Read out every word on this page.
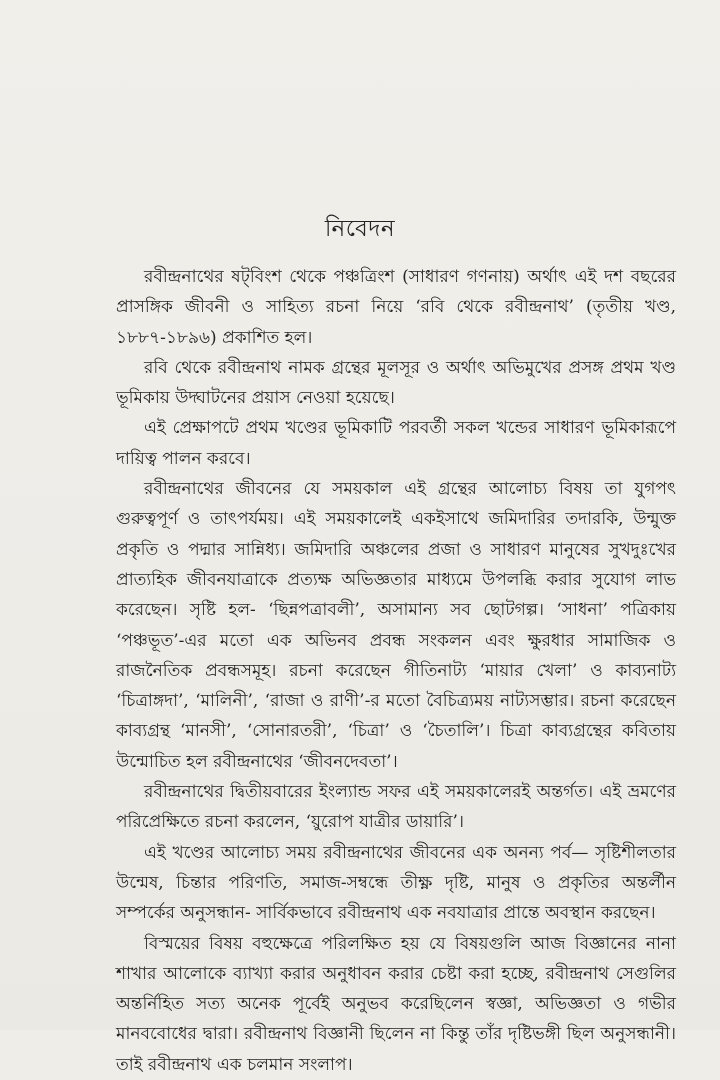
নিবেদন

রবীন্দ্রনাথের ষট্‌বিংশ থেকে পঞ্চত্রিংশ (সাধারণ গণনায়) অর্থাৎ এই দশ বছরের প্রাসঙ্গিক জীবনী ও সাহিত্য রচনা নিয়ে ‘রবি থেকে রবীন্দ্রনাথ’ (তৃতীয় খণ্ড, ১৮৮৭-১৮৯৬) প্রকাশিত হল।

রবি থেকে রবীন্দ্রনাথ নামক গ্রন্থের মূলসূর ও অর্থাৎ অভিমুখের প্রসঙ্গ প্রথম খণ্ড ভূমিকায় উদ্ঘাটনের প্রয়াস নেওয়া হয়েছে।

এই প্রেক্ষাপটে প্রথম খণ্ডের ভূমিকাটি পরবর্তী সকল খন্ডের সাধারণ ভূমিকারূপে দায়িত্ব পালন করবে।

রবীন্দ্রনাথের জীবনের যে সময়কাল এই গ্রন্থের আলোচ্য বিষয় তা যুগপৎ গুরুত্বপূর্ণ ও তাৎপর্যময়। এই সময়কালেই একইসাথে জমিদারির তদারকি, উন্মুক্ত প্রকৃতি ও পদ্মার সান্নিধ্য। জমিদারি অঞ্চলের প্রজা ও সাধারণ মানুষের সুখদুঃখের প্রাত্যহিক জীবনযাত্রাকে প্রত্যক্ষ অভিজ্ঞতার মাধ্যমে উপলব্ধি করার সুযোগ লাভ করেছেন। সৃষ্টি হল- ‘ছিন্নপত্রাবলী’, অসামান্য সব ছোটগল্প। ‘সাধনা’ পত্রিকায় ‘পঞ্চভূত’-এর মতো এক অভিনব প্রবন্ধ সংকলন এবং ক্ষুরধার সামাজিক ও রাজনৈতিক প্রবন্ধসমূহ। রচনা করেছেন গীতিনাট্য ‘মায়ার খেলা’ ও কাব্যনাট্য ‘চিত্রাঙ্গদা’, ‘মালিনী’, ‘রাজা ও রাণী’-র মতো বৈচিত্র্যময় নাট্যসম্ভার। রচনা করেছেন কাব্যগ্রন্থ ‘মানসী’, ‘সোনারতরী’, ‘চিত্রা’ ও ‘চৈতালি’। চিত্রা কাব্যগ্রন্থের কবিতায় উন্মোচিত হল রবীন্দ্রনাথের ‘জীবনদেবতা’।

রবীন্দ্রনাথের দ্বিতীয়বারের ইংল্যান্ড সফর এই সময়কালেরই অন্তর্গত। এই ভ্রমণের পরিপ্রেক্ষিতে রচনা করলেন, ‘য়ুরোপ যাত্রীর ডায়ারি’।

এই খণ্ডের আলোচ্য সময় রবীন্দ্রনাথের জীবনের এক অনন্য পর্ব— সৃষ্টিশীলতার উন্মেষ, চিন্তার পরিণতি, সমাজ-সম্বন্ধে তীক্ষ্ণ দৃষ্টি, মানুষ ও প্রকৃতির অন্তর্লীন সম্পর্কের অনুসন্ধান- সার্বিকভাবে রবীন্দ্রনাথ এক নবযাত্রার প্রান্তে অবস্থান করছেন।

বিস্ময়ের বিষয় বহুক্ষেত্রে পরিলক্ষিত হয় যে বিষয়গুলি আজ বিজ্ঞানের নানা শাখার আলোকে ব্যাখ্যা করার অনুধাবন করার চেষ্টা করা হচ্ছে, রবীন্দ্রনাথ সেগুলির অন্তর্নিহিত সত্য অনেক পূর্বেই অনুভব করেছিলেন স্বজ্ঞা, অভিজ্ঞতা ও গভীর মানববোধের দ্বারা। রবীন্দ্রনাথ বিজ্ঞানী ছিলেন না কিন্তু তাঁর দৃষ্টিভঙ্গী ছিল অনুসন্ধানী। তাই রবীন্দ্রনাথ এক চলমান সংলাপ।
